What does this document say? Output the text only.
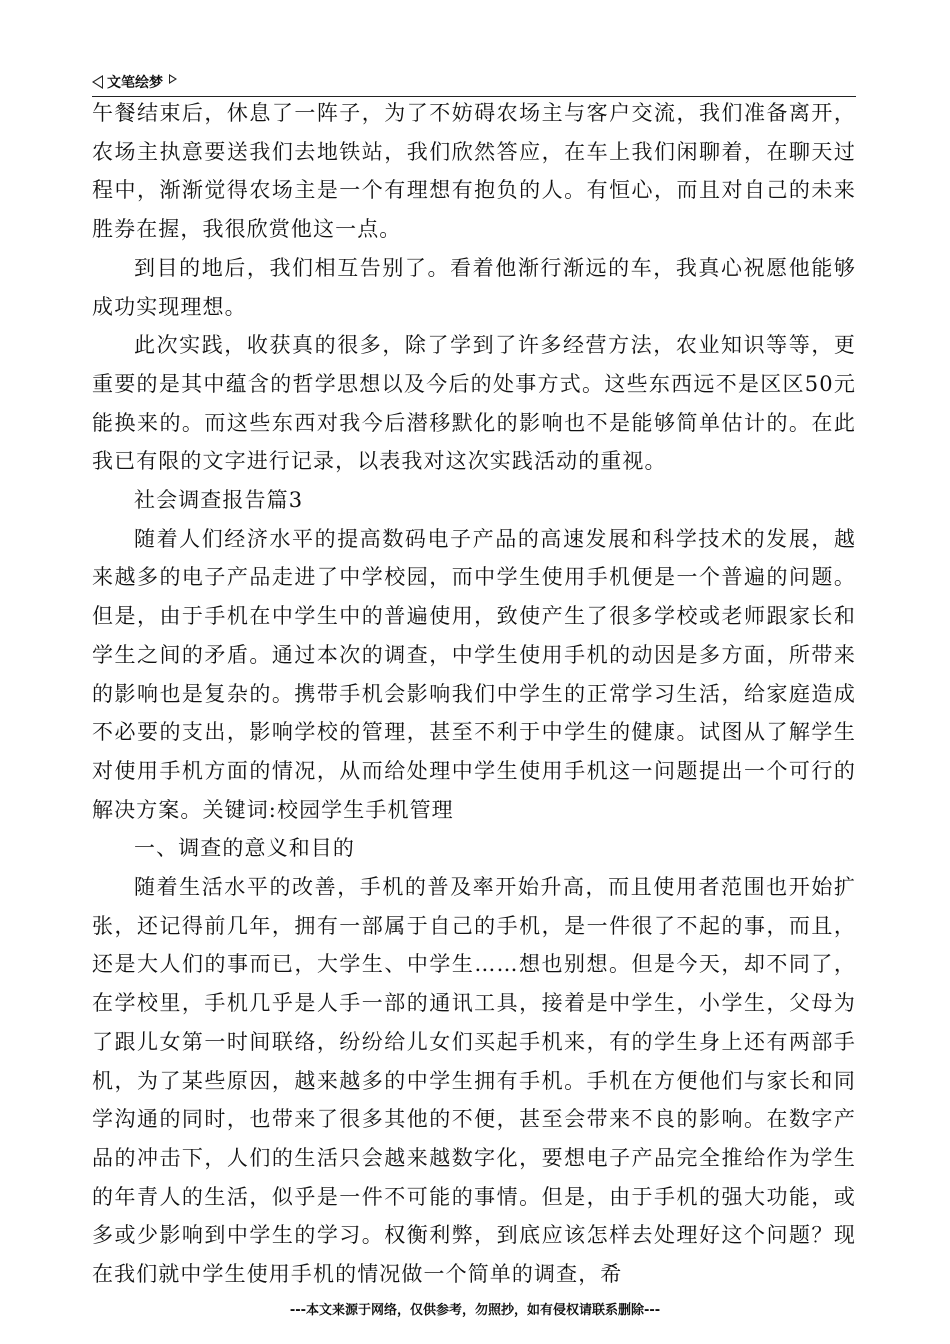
文笔绘梦

午餐结束后，休息了一阵子，为了不妨碍农场主与客户交流，我们准备离开，农场主执意要送我们去地铁站，我们欣然答应，在车上我们闲聊着，在聊天过程中，渐渐觉得农场主是一个有理想有抱负的人。有恒心，而且对自己的未来胜券在握，我很欣赏他这一点。

到目的地后，我们相互告别了。看着他渐行渐远的车，我真心祝愿他能够成功实现理想。

此次实践，收获真的很多，除了学到了许多经营方法，农业知识等等，更重要的是其中蕴含的哲学思想以及今后的处事方式。这些东西远不是区区50元能换来的。而这些东西对我今后潜移默化的影响也不是能够简单估计的。在此我已有限的文字进行记录，以表我对这次实践活动的重视。

社会调查报告篇3

随着人们经济水平的提高数码电子产品的高速发展和科学技术的发展，越来越多的电子产品走进了中学校园，而中学生使用手机便是一个普遍的问题。但是，由于手机在中学生中的普遍使用，致使产生了很多学校或老师跟家长和学生之间的矛盾。通过本次的调查，中学生使用手机的动因是多方面，所带来的影响也是复杂的。携带手机会影响我们中学生的正常学习生活，给家庭造成不必要的支出，影响学校的管理，甚至不利于中学生的健康。试图从了解学生对使用手机方面的情况，从而给处理中学生使用手机这一问题提出一个可行的解决方案。关键词:校园学生手机管理

一、调查的意义和目的

随着生活水平的改善，手机的普及率开始升高，而且使用者范围也开始扩张，还记得前几年，拥有一部属于自己的手机，是一件很了不起的事，而且，还是大人们的事而已，大学生、中学生……想也别想。但是今天，却不同了，在学校里，手机几乎是人手一部的通讯工具，接着是中学生，小学生，父母为了跟儿女第一时间联络，纷纷给儿女们买起手机来，有的学生身上还有两部手机，为了某些原因，越来越多的中学生拥有手机。手机在方便他们与家长和同学沟通的同时，也带来了很多其他的不便，甚至会带来不良的影响。在数字产品的冲击下，人们的生活只会越来越数字化，要想电子产品完全推给作为学生的年青人的生活，似乎是一件不可能的事情。但是，由于手机的强大功能，或多或少影响到中学生的学习。权衡利弊，到底应该怎样去处理好这个问题？现在我们就中学生使用手机的情况做一个简单的调查，希

---本文来源于网络，仅供参考，勿照抄，如有侵权请联系删除---
